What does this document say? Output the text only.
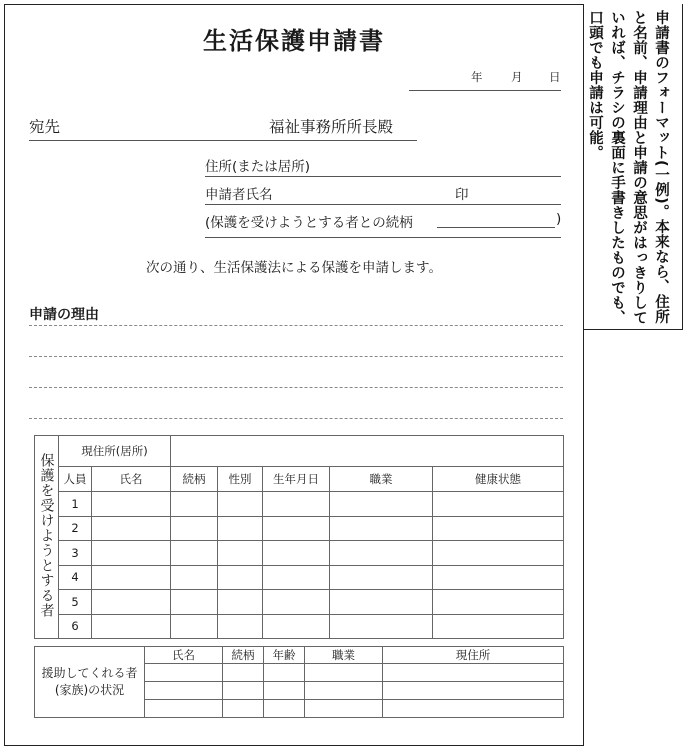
生活保護申請書
年 月 日
宛先	福祉事務所所長殿
住所(または居所)
申請者氏名	印
(保護を受けようとする者との続柄	)
次の通り、生活保護法による保護を申請します。
申請の理由
保護を受けようとする者	現住所(居所)						
	人員	氏名	続柄	性別	生年月日	職業	健康状態
	1						
	2						
	3						
	4						
	5						
	6						
援助してくれる者
(家族)の状況	氏名	続柄	年齢	職業	現住所

申請書のフォーマット(一例)。本来なら、住所と名前、申請理由と申請の意思がはっきりしていれば、チラシの裏面に手書きしたものでも、口頭でも申請は可能。
